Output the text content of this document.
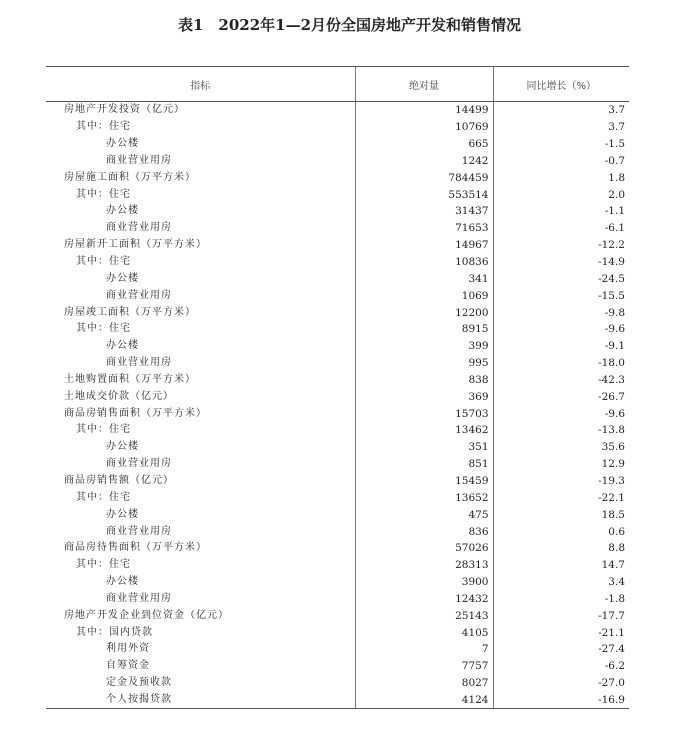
表1　2022年1—2月份全国房地产开发和销售情况
指标	绝对量	同比增长（%）
房地产开发投资（亿元）	14499	3.7
其中：住宅	10769	3.7
办公楼	665	-1.5
商业营业用房	1242	-0.7
房屋施工面积（万平方米）	784459	1.8
其中：住宅	553514	2.0
办公楼	31437	-1.1
商业营业用房	71653	-6.1
房屋新开工面积（万平方米）	14967	-12.2
其中：住宅	10836	-14.9
办公楼	341	-24.5
商业营业用房	1069	-15.5
房屋竣工面积（万平方米）	12200	-9.8
其中：住宅	8915	-9.6
办公楼	399	-9.1
商业营业用房	995	-18.0
土地购置面积（万平方米）	838	-42.3
土地成交价款（亿元）	369	-26.7
商品房销售面积（万平方米）	15703	-9.6
其中：住宅	13462	-13.8
办公楼	351	35.6
商业营业用房	851	12.9
商品房销售额（亿元）	15459	-19.3
其中：住宅	13652	-22.1
办公楼	475	18.5
商业营业用房	836	0.6
商品房待售面积（万平方米）	57026	8.8
其中：住宅	28313	14.7
办公楼	3900	3.4
商业营业用房	12432	-1.8
房地产开发企业到位资金（亿元）	25143	-17.7
其中：国内贷款	4105	-21.1
利用外资	7	-27.4
自筹资金	7757	-6.2
定金及预收款	8027	-27.0
个人按揭贷款	4124	-16.9
